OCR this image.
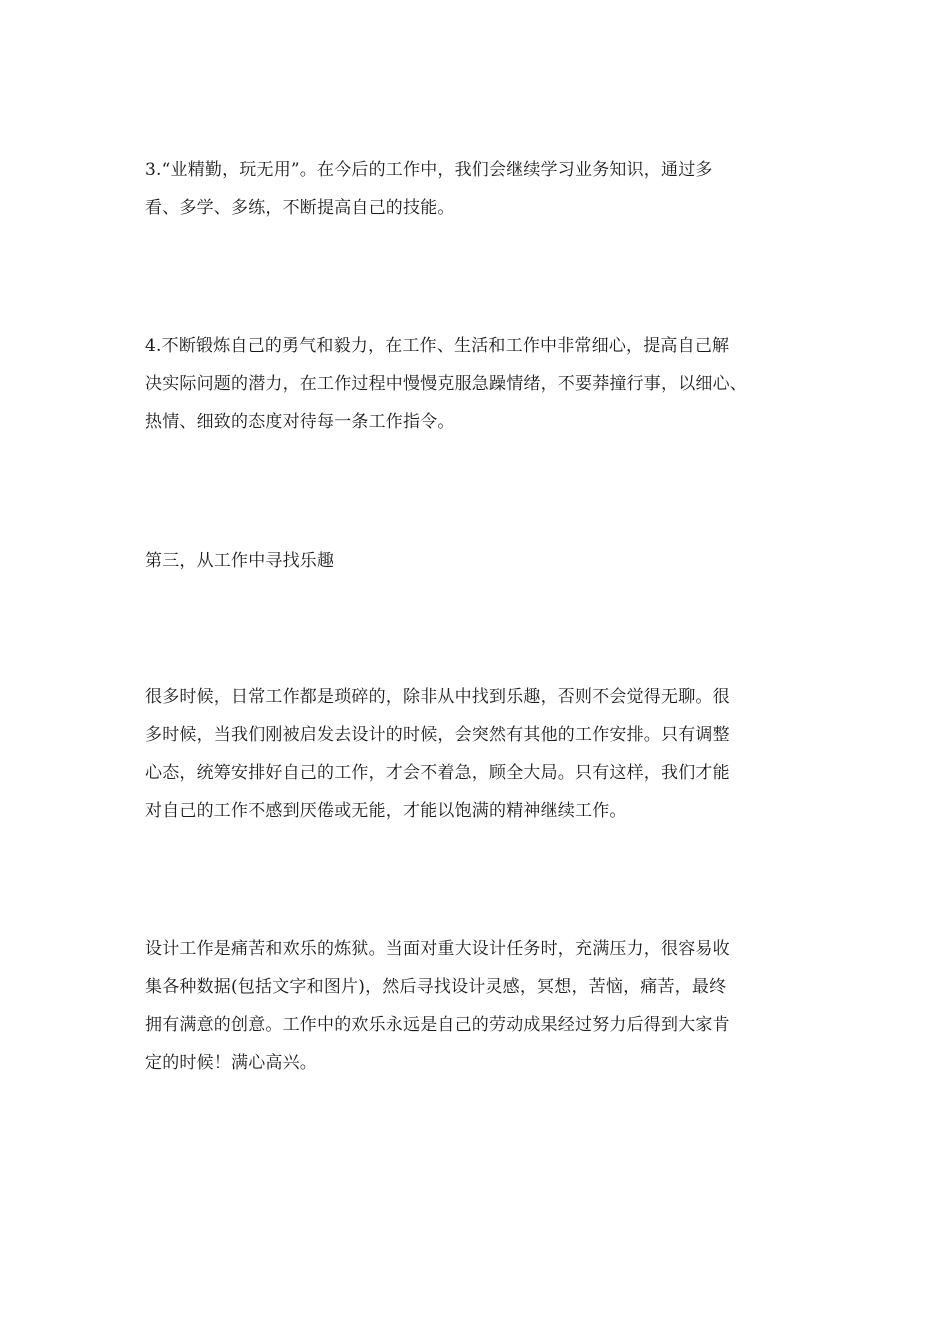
3.“业精勤，玩无用”。在今后的工作中，我们会继续学习业务知识，通过多
看、多学、多练，不断提高自己的技能。
4.不断锻炼自己的勇气和毅力，在工作、生活和工作中非常细心，提高自己解
决实际问题的潜力，在工作过程中慢慢克服急躁情绪，不要莽撞行事，以细心、
热情、细致的态度对待每一条工作指令。
第三，从工作中寻找乐趣
很多时候，日常工作都是琐碎的，除非从中找到乐趣，否则不会觉得无聊。很
多时候，当我们刚被启发去设计的时候，会突然有其他的工作安排。只有调整
心态，统筹安排好自己的工作，才会不着急，顾全大局。只有这样，我们才能
对自己的工作不感到厌倦或无能，才能以饱满的精神继续工作。
设计工作是痛苦和欢乐的炼狱。当面对重大设计任务时，充满压力，很容易收
集各种数据(包括文字和图片)，然后寻找设计灵感，冥想，苦恼，痛苦，最终
拥有满意的创意。工作中的欢乐永远是自己的劳动成果经过努力后得到大家肯
定的时候！满心高兴。
